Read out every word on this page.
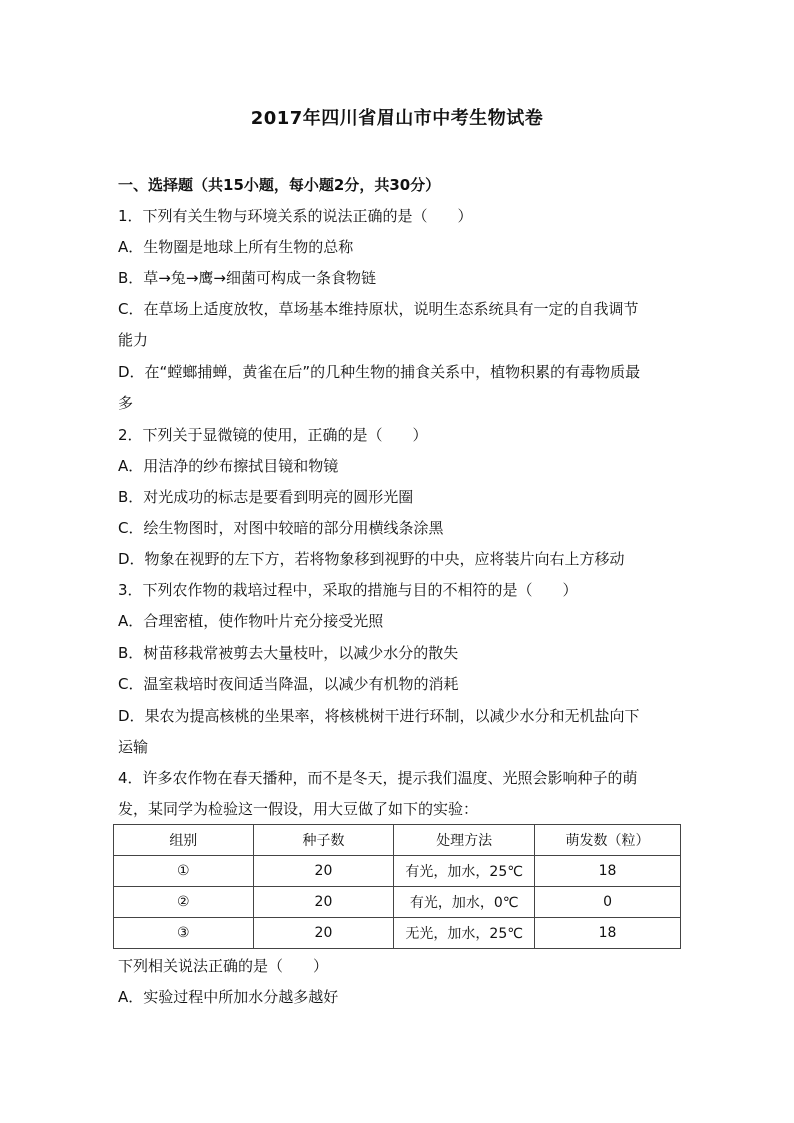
2017年四川省眉山市中考生物试卷
一、选择题（共15小题，每小题2分，共30分）
1．下列有关生物与环境关系的说法正确的是（　　）
A．生物圈是地球上所有生物的总称
B．草→兔→鹰→细菌可构成一条食物链
C．在草场上适度放牧，草场基本维持原状，说明生态系统具有一定的自我调节
能力
D．在“螳螂捕蝉，黄雀在后”的几种生物的捕食关系中，植物积累的有毒物质最
多
2．下列关于显微镜的使用，正确的是（　　）
A．用洁净的纱布擦拭目镜和物镜
B．对光成功的标志是要看到明亮的圆形光圈
C．绘生物图时，对图中较暗的部分用横线条涂黑
D．物象在视野的左下方，若将物象移到视野的中央，应将装片向右上方移动
3．下列农作物的栽培过程中，采取的措施与目的不相符的是（　　）
A．合理密植，使作物叶片充分接受光照
B．树苗移栽常被剪去大量枝叶，以减少水分的散失
C．温室栽培时夜间适当降温，以减少有机物的消耗
D．果农为提高核桃的坐果率，将核桃树干进行环制，以减少水分和无机盐向下
运输
4．许多农作物在春天播种，而不是冬天，提示我们温度、光照会影响种子的萌
发，某同学为检验这一假设，用大豆做了如下的实验：
组别	种子数	处理方法	萌发数（粒）
①	20	有光，加水，25℃	18
②	20	有光，加水，0℃	0
③	20	无光，加水，25℃	18
下列相关说法正确的是（　　）
A．实验过程中所加水分越多越好
